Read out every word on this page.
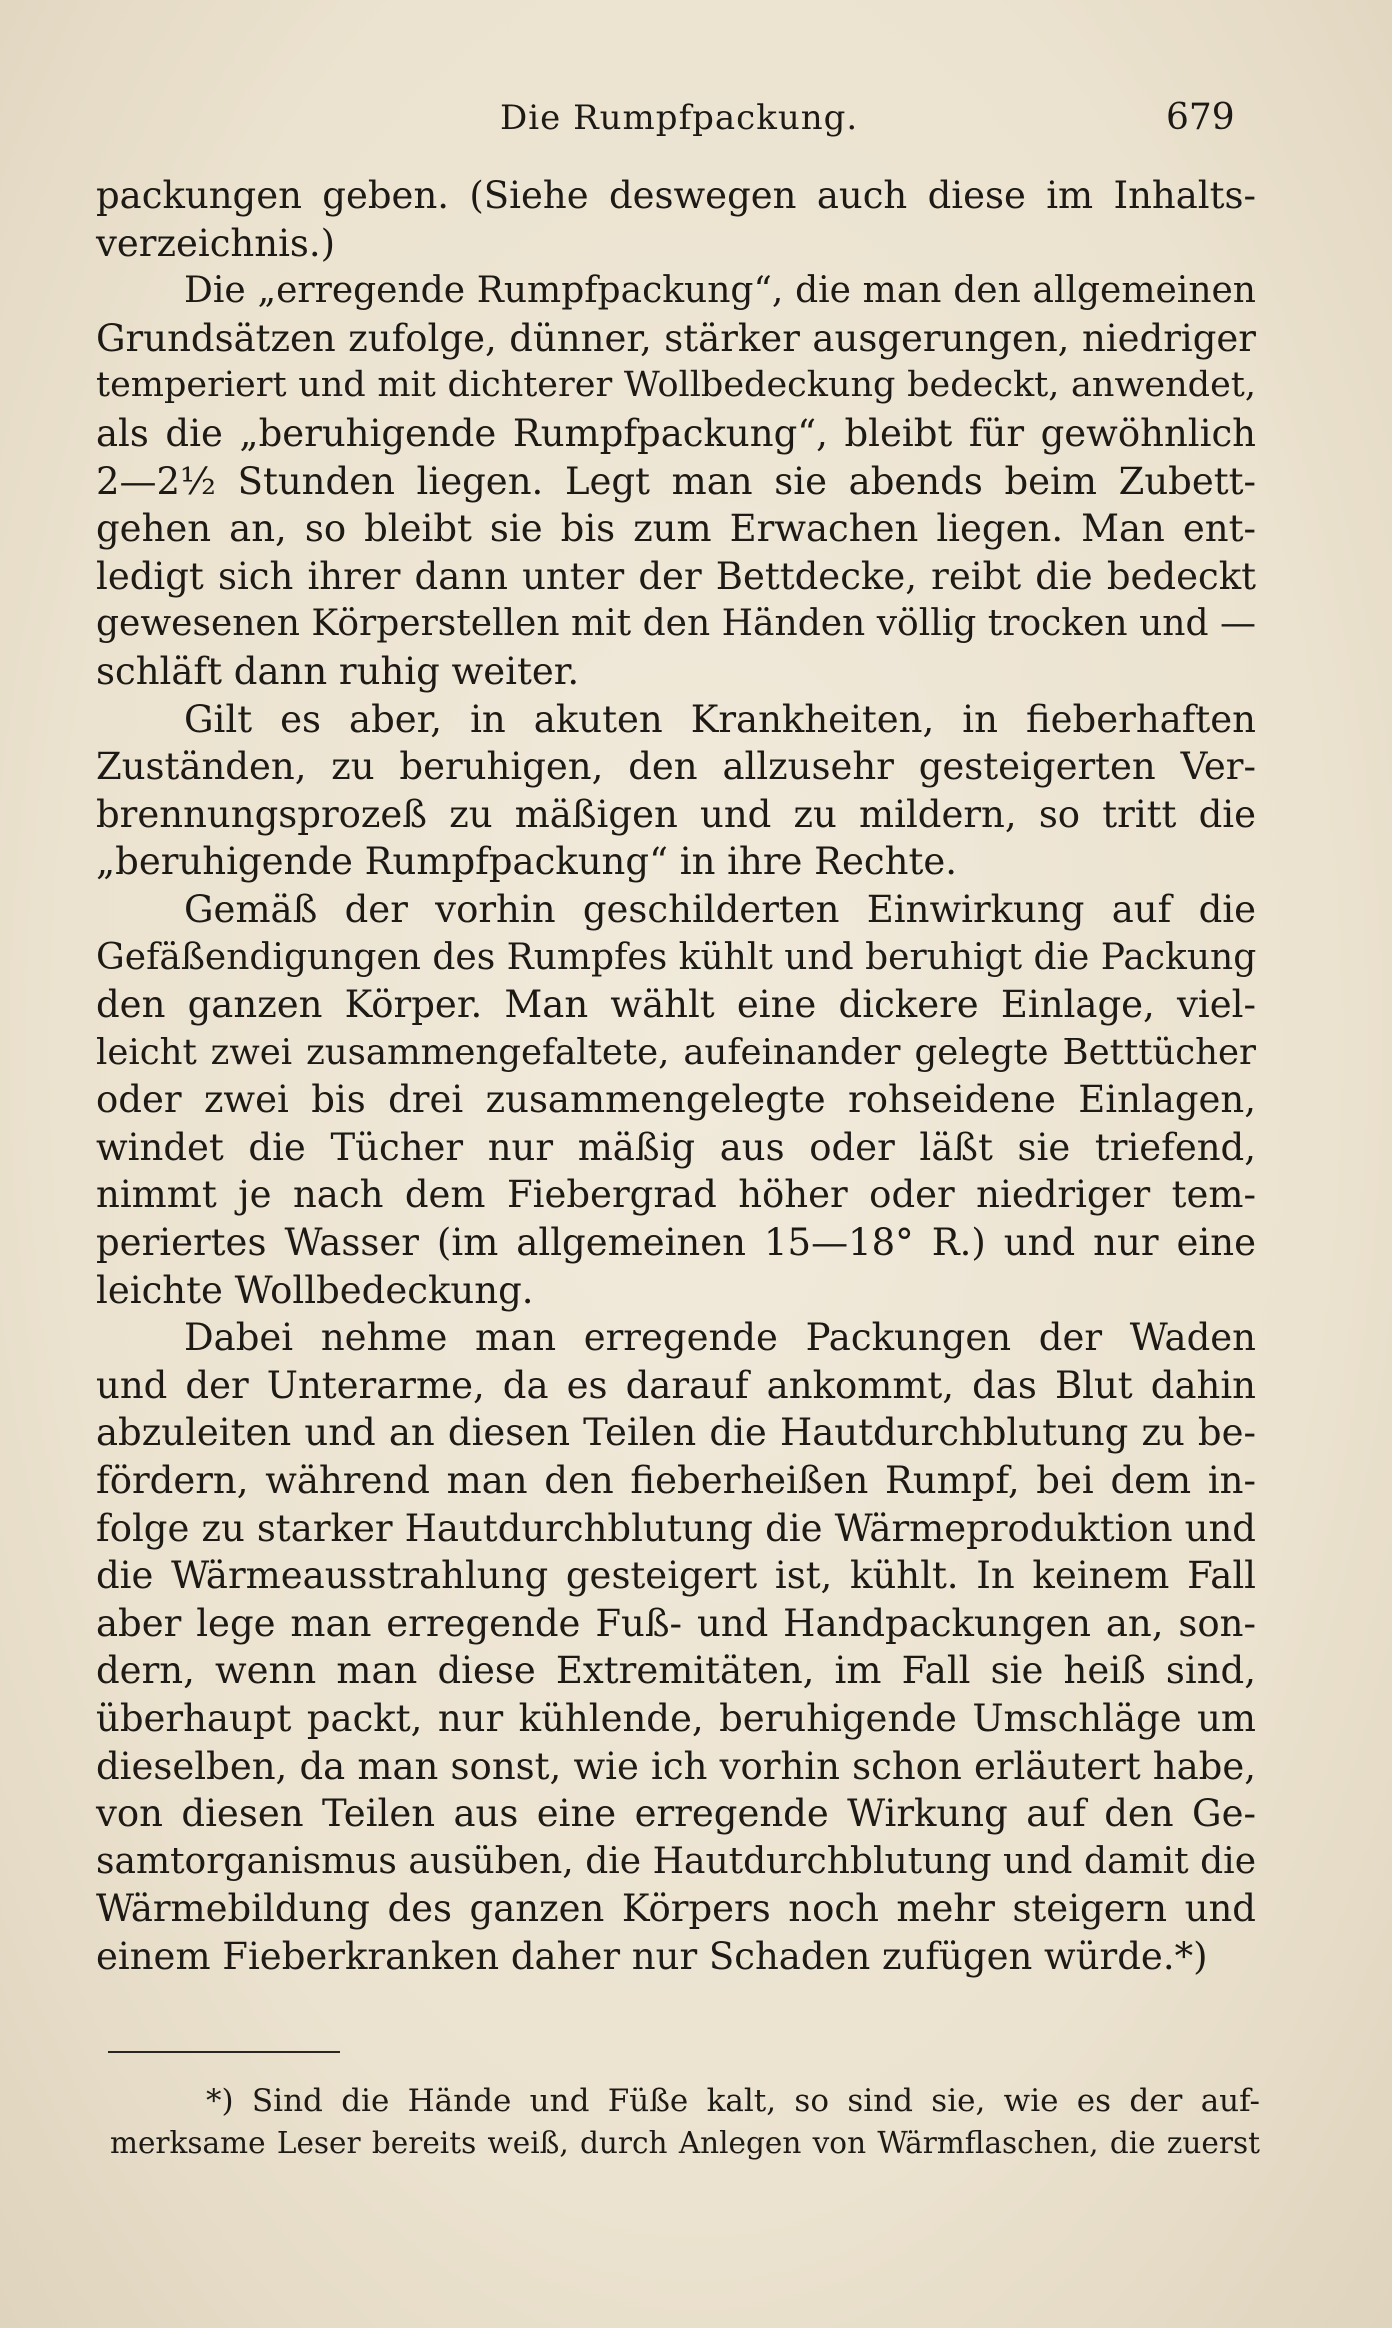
Die Rumpfpackung.	679
packungen geben. (Siehe deswegen auch diese im Inhalts-
verzeichnis.)
Die „erregende Rumpfpackung“, die man den allgemeinen
Grundsätzen zufolge, dünner, stärker ausgerungen, niedriger
temperiert und mit dichterer Wollbedeckung bedeckt, anwendet,
als die „beruhigende Rumpfpackung“, bleibt für gewöhnlich
2—2½ Stunden liegen. Legt man sie abends beim Zubett-
gehen an, so bleibt sie bis zum Erwachen liegen. Man ent-
ledigt sich ihrer dann unter der Bettdecke, reibt die bedeckt
gewesenen Körperstellen mit den Händen völlig trocken und —
schläft dann ruhig weiter.
Gilt es aber, in akuten Krankheiten, in fieberhaften
Zuständen, zu beruhigen, den allzusehr gesteigerten Ver-
brennungsprozeß zu mäßigen und zu mildern, so tritt die
„beruhigende Rumpfpackung“ in ihre Rechte.
Gemäß der vorhin geschilderten Einwirkung auf die
Gefäßendigungen des Rumpfes kühlt und beruhigt die Packung
den ganzen Körper. Man wählt eine dickere Einlage, viel-
leicht zwei zusammengefaltete, aufeinander gelegte Betttücher
oder zwei bis drei zusammengelegte rohseidene Einlagen,
windet die Tücher nur mäßig aus oder läßt sie triefend,
nimmt je nach dem Fiebergrad höher oder niedriger tem-
periertes Wasser (im allgemeinen 15—18° R.) und nur eine
leichte Wollbedeckung.
Dabei nehme man erregende Packungen der Waden
und der Unterarme, da es darauf ankommt, das Blut dahin
abzuleiten und an diesen Teilen die Hautdurchblutung zu be-
fördern, während man den fieberheißen Rumpf, bei dem in-
folge zu starker Hautdurchblutung die Wärmeproduktion und
die Wärmeausstrahlung gesteigert ist, kühlt. In keinem Fall
aber lege man erregende Fuß- und Handpackungen an, son-
dern, wenn man diese Extremitäten, im Fall sie heiß sind,
überhaupt packt, nur kühlende, beruhigende Umschläge um
dieselben, da man sonst, wie ich vorhin schon erläutert habe,
von diesen Teilen aus eine erregende Wirkung auf den Ge-
samtorganismus ausüben, die Hautdurchblutung und damit die
Wärmebildung des ganzen Körpers noch mehr steigern und
einem Fieberkranken daher nur Schaden zufügen würde.*)
*) Sind die Hände und Füße kalt, so sind sie, wie es der auf-
merksame Leser bereits weiß, durch Anlegen von Wärmflaschen, die zuerst
